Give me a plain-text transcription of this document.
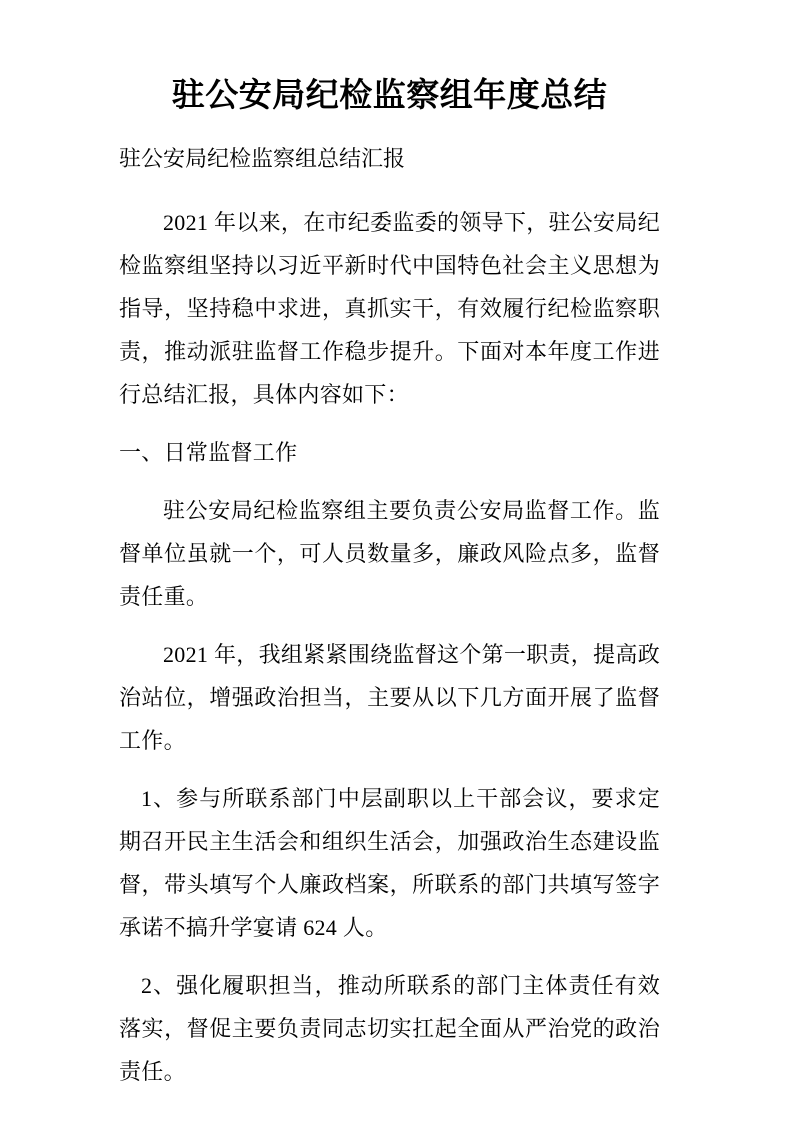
驻公安局纪检监察组年度总结

驻公安局纪检监察组总结汇报

2021 年以来，在市纪委监委的领导下，驻公安局纪检监察组坚持以习近平新时代中国特色社会主义思想为指导，坚持稳中求进，真抓实干，有效履行纪检监察职责，推动派驻监督工作稳步提升。下面对本年度工作进行总结汇报，具体内容如下：

一、日常监督工作

驻公安局纪检监察组主要负责公安局监督工作。监督单位虽就一个，可人员数量多，廉政风险点多，监督责任重。

2021 年，我组紧紧围绕监督这个第一职责，提高政治站位，增强政治担当，主要从以下几方面开展了监督工作。

1、参与所联系部门中层副职以上干部会议，要求定期召开民主生活会和组织生活会，加强政治生态建设监督，带头填写个人廉政档案，所联系的部门共填写签字承诺不搞升学宴请 624 人。

2、强化履职担当，推动所联系的部门主体责任有效落实，督促主要负责同志切实扛起全面从严治党的政治责任。
